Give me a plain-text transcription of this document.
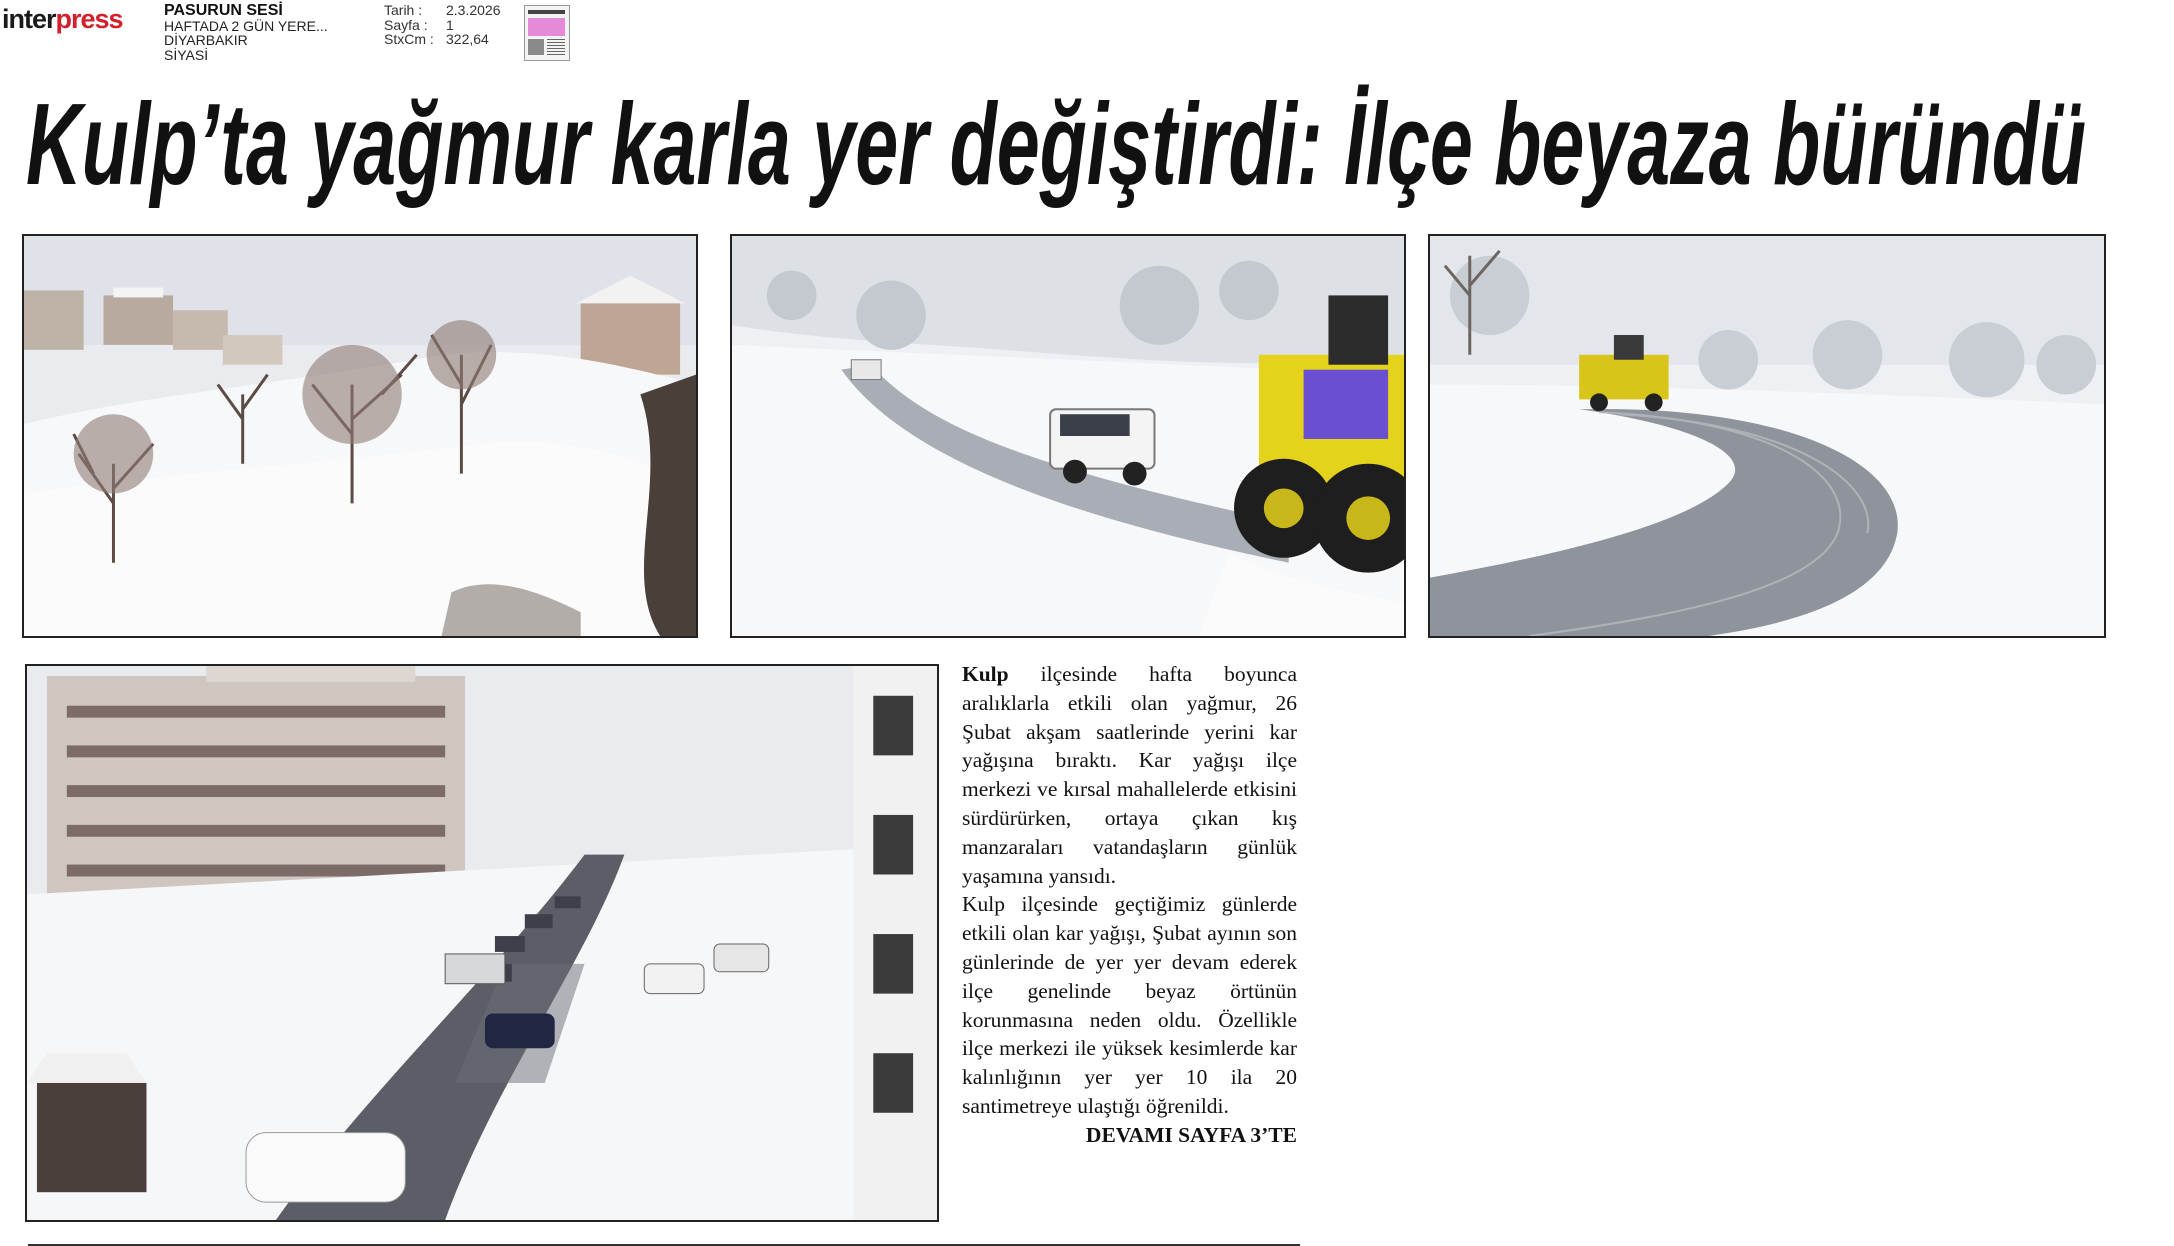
interpress	PASURUN SESİ
HAFTADA 2 GÜN YERE...
DİYARBAKIR
SİYASİ
Tarih :	2.3.2026
Sayfa :	1
StxCm : 322,64
Kulp’ta yağmur karla yer değiştirdi: İlçe beyaza büründü

Kulp ilçesinde hafta boyunca aralıklarla etkili olan yağmur, 26 Şubat akşam saatlerinde yerini kar yağışına bıraktı. Kar yağışı ilçe merkezi ve kırsal mahallelerde etkisini sürdürürken, ortaya çıkan kış manzaraları vatandaşların günlük yaşamına yansıdı.

Kulp ilçesinde geçtiğimiz günlerde etkili olan kar yağışı, Şubat ayının son günlerinde de yer yer devam ederek ilçe genelinde beyaz örtünün korunmasına neden oldu. Özellikle ilçe merkezi ile yüksek kesimlerde kar kalınlığının yer yer 10 ila 20 santimetreye ulaştığı öğrenildi.

DEVAMI SAYFA 3’TE
